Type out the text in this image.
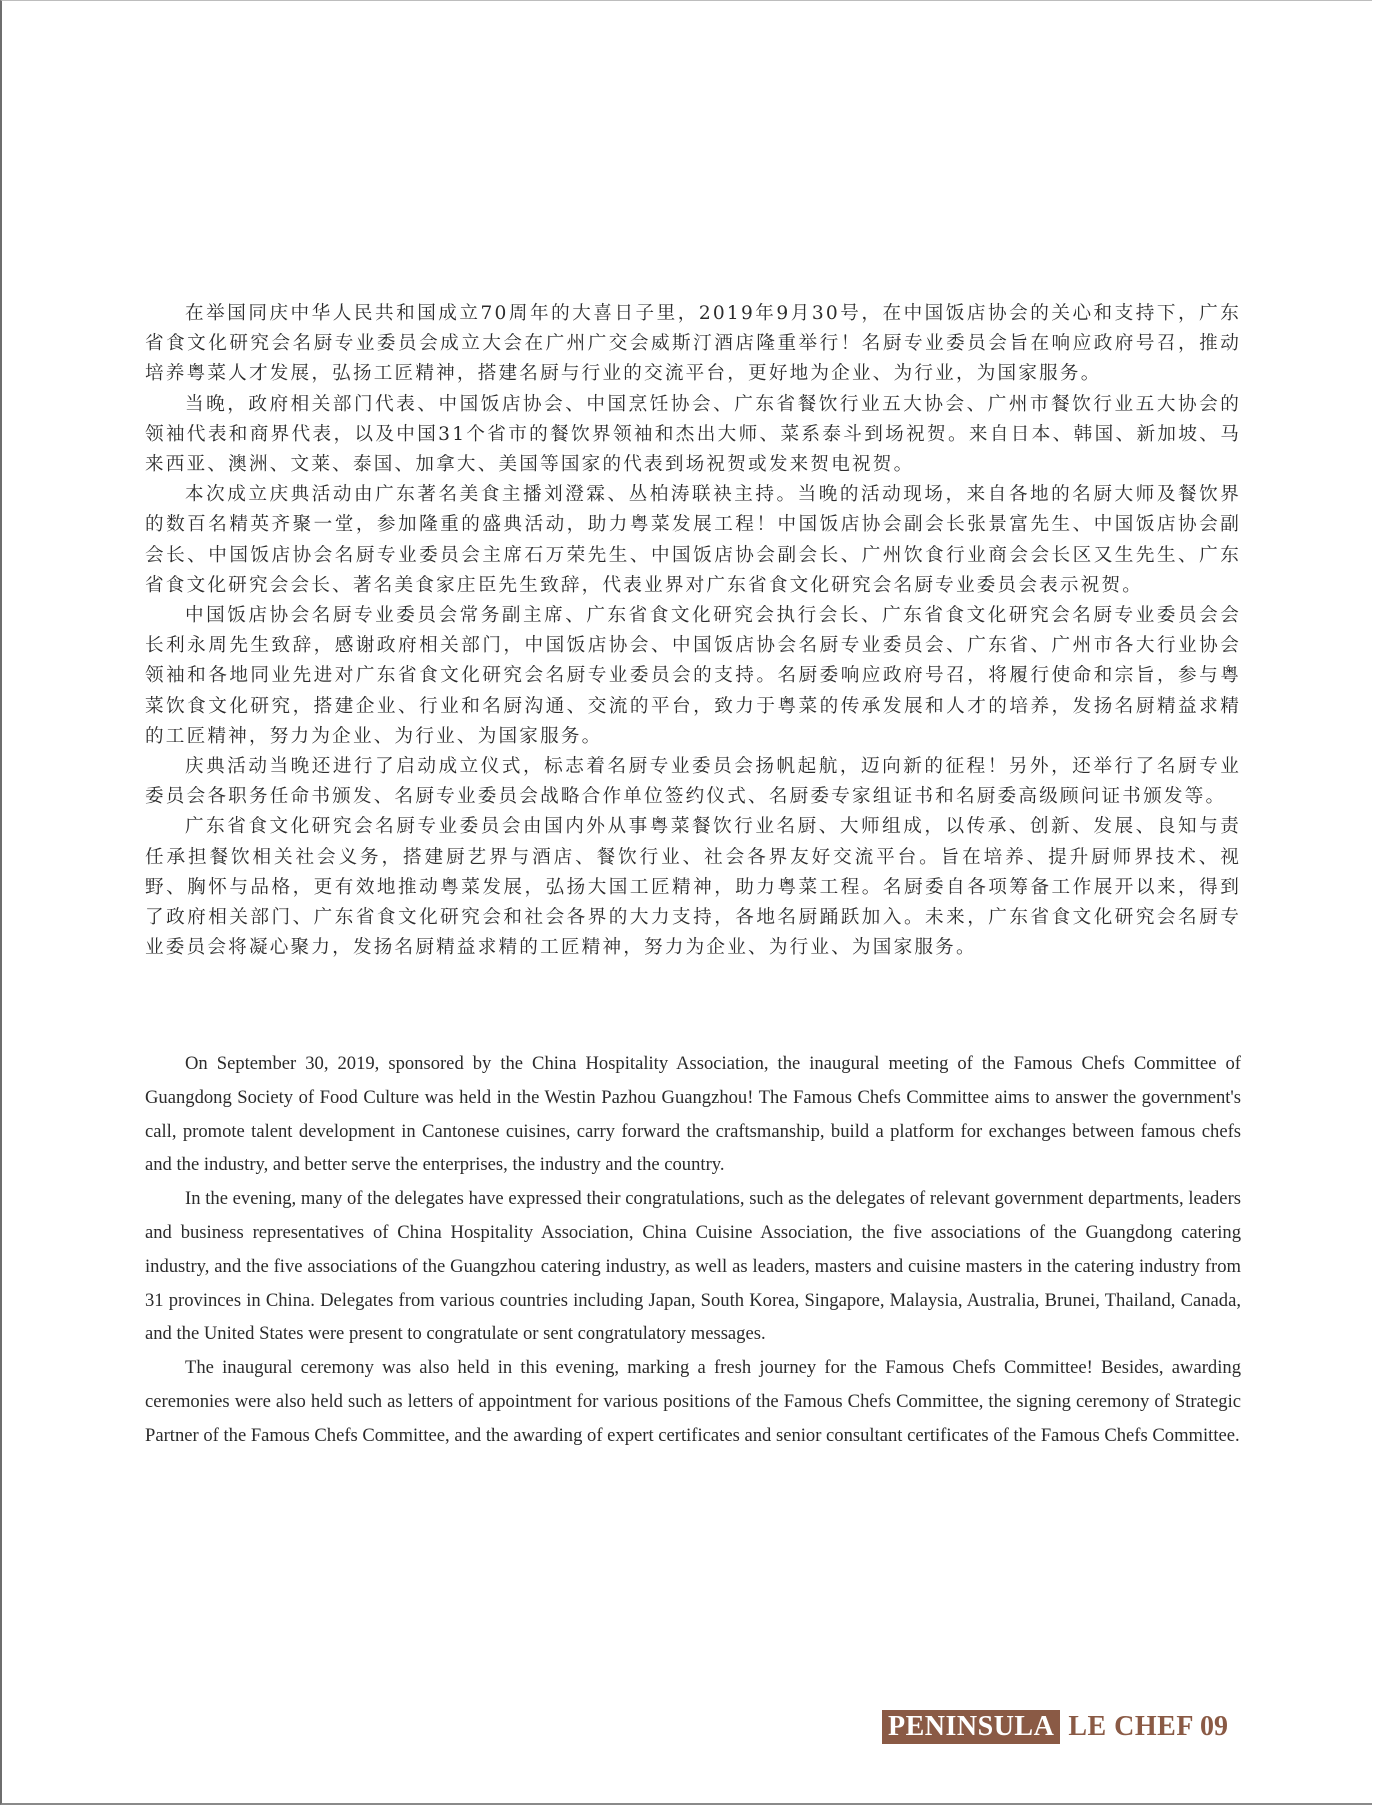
在举国同庆中华人民共和国成立70周年的大喜日子里，2019年9月30号，在中国饭店协会的关心和支持下，广东省食文化研究会名厨专业委员会成立大会在广州广交会威斯汀酒店隆重举行！名厨专业委员会旨在响应政府号召，推动培养粤菜人才发展，弘扬工匠精神，搭建名厨与行业的交流平台，更好地为企业、为行业，为国家服务。

当晚，政府相关部门代表、中国饭店协会、中国烹饪协会、广东省餐饮行业五大协会、广州市餐饮行业五大协会的领袖代表和商界代表，以及中国31个省市的餐饮界领袖和杰出大师、菜系泰斗到场祝贺。来自日本、韩国、新加坡、马来西亚、澳洲、文莱、泰国、加拿大、美国等国家的代表到场祝贺或发来贺电祝贺。

本次成立庆典活动由广东著名美食主播刘澄霖、丛柏涛联袂主持。当晚的活动现场，来自各地的名厨大师及餐饮界的数百名精英齐聚一堂，参加隆重的盛典活动，助力粤菜发展工程！中国饭店协会副会长张景富先生、中国饭店协会副会长、中国饭店协会名厨专业委员会主席石万荣先生、中国饭店协会副会长、广州饮食行业商会会长区又生先生、广东省食文化研究会会长、著名美食家庄臣先生致辞，代表业界对广东省食文化研究会名厨专业委员会表示祝贺。

中国饭店协会名厨专业委员会常务副主席、广东省食文化研究会执行会长、广东省食文化研究会名厨专业委员会会长利永周先生致辞，感谢政府相关部门，中国饭店协会、中国饭店协会名厨专业委员会、广东省、广州市各大行业协会领袖和各地同业先进对广东省食文化研究会名厨专业委员会的支持。名厨委响应政府号召，将履行使命和宗旨，参与粤菜饮食文化研究，搭建企业、行业和名厨沟通、交流的平台，致力于粤菜的传承发展和人才的培养，发扬名厨精益求精的工匠精神，努力为企业、为行业、为国家服务。

庆典活动当晚还进行了启动成立仪式，标志着名厨专业委员会扬帆起航，迈向新的征程！另外，还举行了名厨专业委员会各职务任命书颁发、名厨专业委员会战略合作单位签约仪式、名厨委专家组证书和名厨委高级顾问证书颁发等。

广东省食文化研究会名厨专业委员会由国内外从事粤菜餐饮行业名厨、大师组成，以传承、创新、发展、良知与责任承担餐饮相关社会义务，搭建厨艺界与酒店、餐饮行业、社会各界友好交流平台。旨在培养、提升厨师界技术、视野、胸怀与品格，更有效地推动粤菜发展，弘扬大国工匠精神，助力粤菜工程。名厨委自各项筹备工作展开以来，得到了政府相关部门、广东省食文化研究会和社会各界的大力支持，各地名厨踊跃加入。未来，广东省食文化研究会名厨专业委员会将凝心聚力，发扬名厨精益求精的工匠精神，努力为企业、为行业、为国家服务。

On September 30, 2019, sponsored by the China Hospitality Association, the inaugural meeting of the Famous Chefs Committee of Guangdong Society of Food Culture was held in the Westin Pazhou Guangzhou! The Famous Chefs Committee aims to answer the government's call, promote talent development in Cantonese cuisines, carry forward the craftsmanship, build a platform for exchanges between famous chefs and the industry, and better serve the enterprises, the industry and the country.

In the evening, many of the delegates have expressed their congratulations, such as the delegates of relevant government departments, leaders and business representatives of China Hospitality Association, China Cuisine Association, the five associations of the Guangdong catering industry, and the five associations of the Guangzhou catering industry, as well as leaders, masters and cuisine masters in the catering industry from 31 provinces in China. Delegates from various countries including Japan, South Korea, Singapore, Malaysia, Australia, Brunei, Thailand, Canada, and the United States were present to congratulate or sent congratulatory messages.

The inaugural ceremony was also held in this evening, marking a fresh journey for the Famous Chefs Committee! Besides, awarding ceremonies were also held such as letters of appointment for various positions of the Famous Chefs Committee, the signing ceremony of Strategic Partner of the Famous Chefs Committee, and the awarding of expert certificates and senior consultant certificates of the Famous Chefs Committee.

PENINSULA LE CHEF 09
